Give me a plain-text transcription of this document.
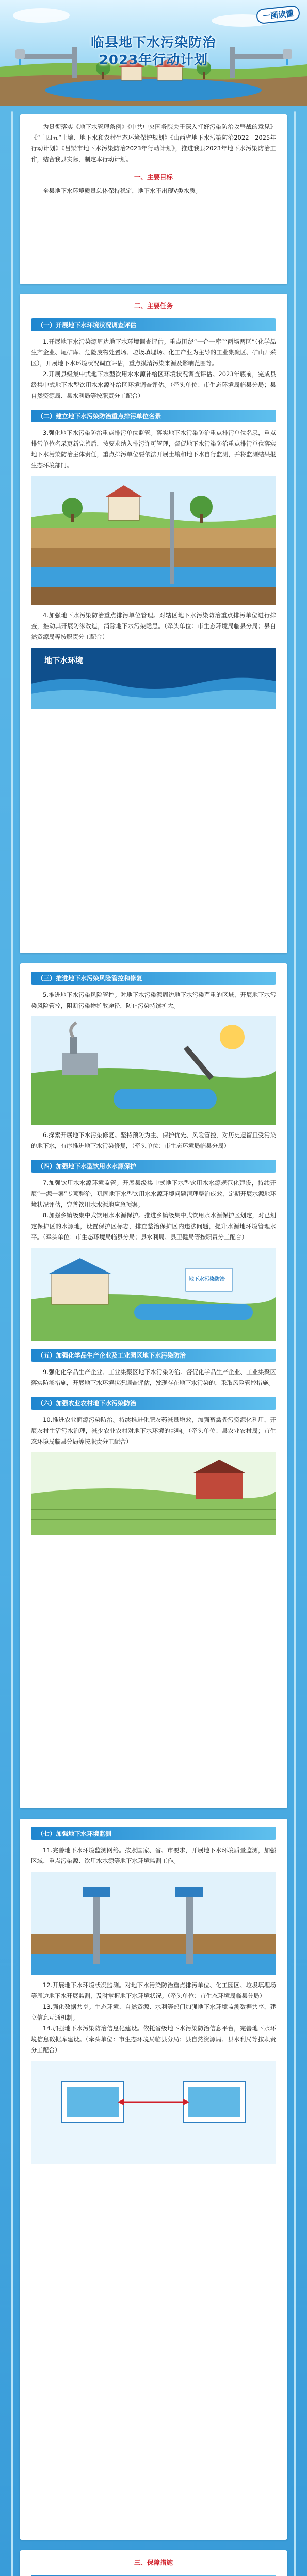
一图读懂
临县地下水污染防治
2023年行动计划

为贯彻落实《地下水管理条例》《中共中央国务院关于深入打好污染防治攻坚战的意见》《“十四五”土壤、地下水和农村生态环境保护规划》《山西省地下水污染防治2022—2025年行动计划》《吕梁市地下水污染防治2023年行动计划》，推进我县2023年地下水污染防治工作，结合我县实际，制定本行动计划。

一、主要目标

全县地下水环境质量总体保持稳定，地下水不出现Ⅴ类水质。

二、主要任务
（一）开展地下水环境状况调查评估

1.开展地下水污染源周边地下水环境调查评估。重点围绕“一企一库”“两场两区”（化学品生产企业、尾矿库、危险废物处置场、垃圾填埋场、化工产业为主导的工业集聚区、矿山开采区），开展地下水环境状况调查评估，重点摸清污染来源及影响范围等。

2.开展县级集中式地下水型饮用水水源补给区环境状况调查评估。2023年底前，完成县级集中式地下水型饮用水水源补给区环境调查评估。（牵头单位：市生态环境局临县分局；县自然资源局、县水利局等按职责分工配合）

（二）建立地下水污染防治重点排污单位名录

3.强化地下水污染防治重点排污单位监管。落实地下水污染防治重点排污单位名录，重点排污单位名录更新完善后，按要求纳入排污许可管理，督促地下水污染防治重点排污单位落实地下水污染防治主体责任，重点排污单位要依法开展土壤和地下水自行监测，并将监测结果报生态环境部门。

4.加强地下水污染防治重点排污单位管理。对辖区地下水污染防治重点排污单位进行排查，推动其开展防渗改造，消除地下水污染隐患。（牵头单位：市生态环境局临县分局；县自然资源局等按职责分工配合）

地下水环境
（三）推进地下水污染风险管控和修复

5.推进地下水污染风险管控。对地下水污染源周边地下水污染严重的区域，开展地下水污染风险管控，阻断污染物扩散途径，防止污染持续扩大。

6.探索开展地下水污染修复。坚持预防为主、保护优先、风险管控，对历史遗留且受污染的地下水，有序推进地下水污染修复，（牵头单位：市生态环境局临县分局）

（四）加强地下水型饮用水水源保护

7.加强饮用水水源环境监管。开展县级集中式地下水型饮用水水源规范化建设，持续开展“一源一案”专项整治，巩固地下水型饮用水水源环境问题清理整治成效，定期开展水源地环境状况评估，完善饮用水水源地应急预案。

8.加强乡镇级集中式饮用水水源保护。推进乡镇级集中式饮用水水源保护区划定，对已划定保护区的水源地，设置保护区标志，排查整治保护区内违法问题，提升水源地环境管理水平。（牵头单位：市生态环境局临县分局；县水利局、县卫健局等按职责分工配合）

地下水污染防治
（五）加强化学品生产企业及工业园区地下水污染防治

9.强化化学品生产企业、工业集聚区地下水污染防治。督促化学品生产企业、工业集聚区落实防渗措施，开展地下水环境状况调查评估，发现存在地下水污染的，采取风险管控措施。

（六）加强农业农村地下水污染防治

10.推进农业面源污染防治。持续推进化肥农药减量增效，加强畜禽粪污资源化利用，开展农村生活污水治理，减少农业农村对地下水环境的影响。（牵头单位：县农业农村局；市生态环境局临县分局等按职责分工配合）

（七）加强地下水环境监测

11.完善地下水环境监测网络。按照国家、省、市要求，开展地下水环境质量监测，加强区域、重点污染源、饮用水水源等地下水环境监测工作。

12.开展地下水环境状况监测。对地下水污染防治重点排污单位、化工园区、垃圾填埋场等周边地下水开展监测，及时掌握地下水环境状况。（牵头单位：市生态环境局临县分局）

13.强化数据共享。生态环境、自然资源、水利等部门加强地下水环境监测数据共享，建立信息互通机制。

14.加强地下水污染防治信息化建设。依托省级地下水污染防治信息平台，完善地下水环境信息数据库建设。（牵头单位：市生态环境局临县分局；县自然资源局、县水利局等按职责分工配合）

三、保障措施
